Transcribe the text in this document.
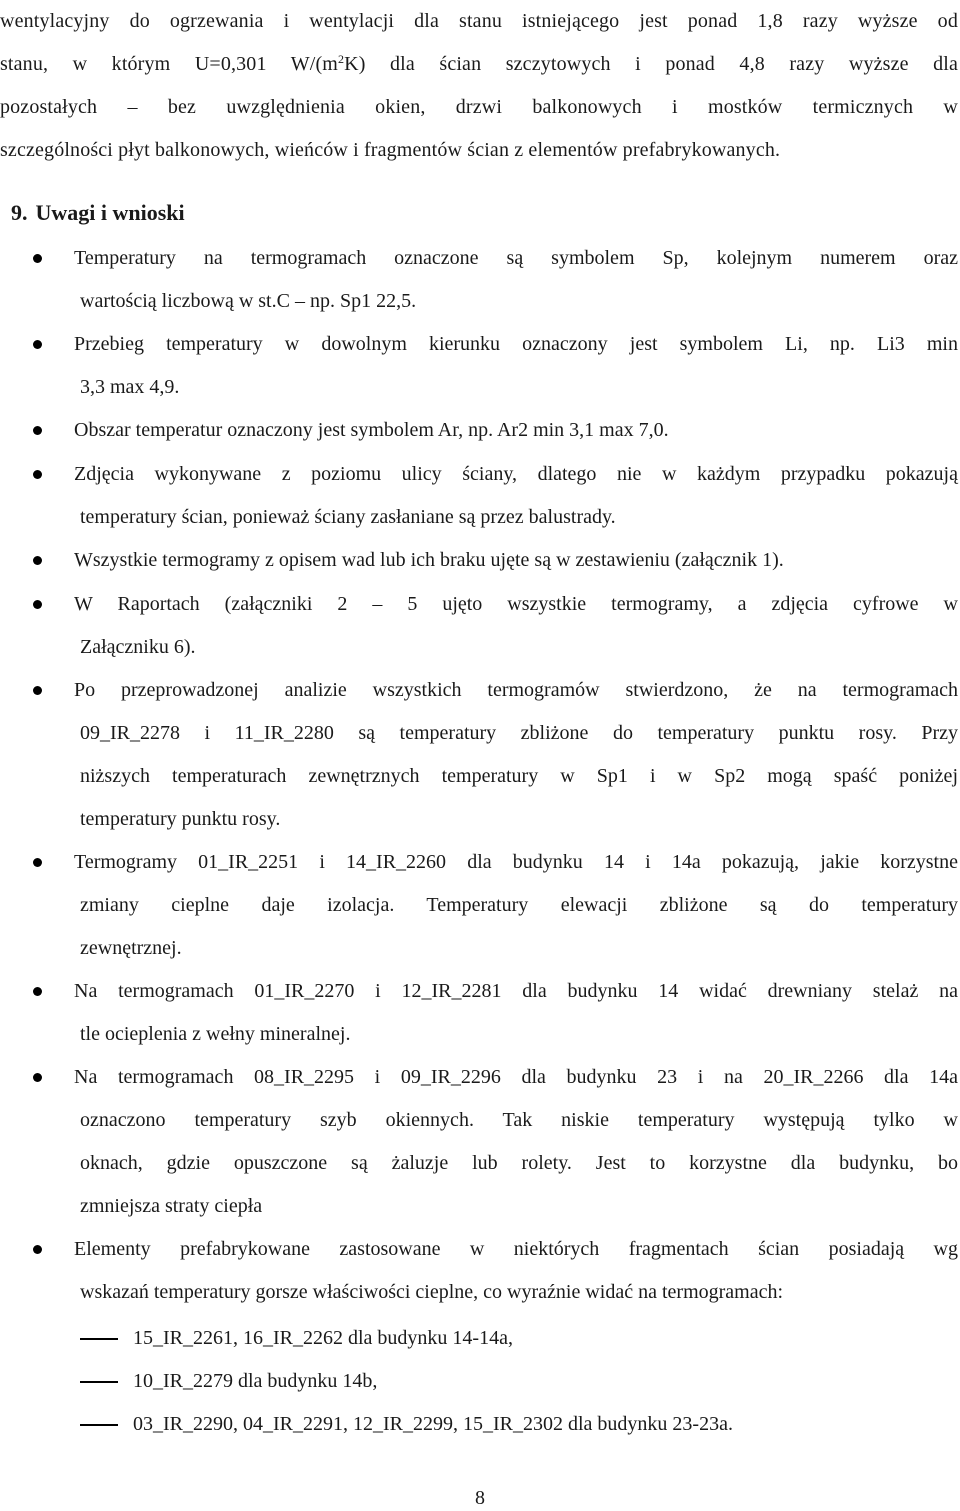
wentylacyjny do ogrzewania i wentylacji dla stanu istniejącego jest ponad 1,8 razy wyższe od
stanu, w którym U=0,301 $W/(m^2K)$ dla ścian szczytowych i ponad 4,8 razy wyższe dla
pozostałych – bez uwzględnienia okien, drzwi balkonowych i mostków termicznych w
szczególności płyt balkonowych, wieńców i fragmentów ścian z elementów prefabrykowanych.
9. Uwagi i wnioski
Temperatury na termogramach oznaczone są symbolem Sp, kolejnym numerem oraz
wartością liczbową w st.C – np. Sp1 22,5.
Przebieg temperatury w dowolnym kierunku oznaczony jest symbolem Li, np. Li3 min
3,3 max 4,9.
Obszar temperatur oznaczony jest symbolem Ar, np. Ar2 min 3,1 max 7,0.
Zdjęcia wykonywane z poziomu ulicy ściany, dlatego nie w każdym przypadku pokazują
temperatury ścian, ponieważ ściany zasłaniane są przez balustrady.
Wszystkie termogramy z opisem wad lub ich braku ujęte są w zestawieniu (załącznik 1).
W Raportach (załączniki 2 – 5 ujęto wszystkie termogramy, a zdjęcia cyfrowe w
Załączniku 6).
Po przeprowadzonej analizie wszystkich termogramów stwierdzono, że na termogramach
09_IR_2278 i 11_IR_2280 są temperatury zbliżone do temperatury punktu rosy. Przy
niższych temperaturach zewnętrznych temperatury w Sp1 i w Sp2 mogą spaść poniżej
temperatury punktu rosy.
Termogramy 01_IR_2251 i 14_IR_2260 dla budynku 14 i 14a pokazują, jakie korzystne
zmiany cieplne daje izolacja. Temperatury elewacji zbliżone są do temperatury
zewnętrznej.
Na termogramach 01_IR_2270 i 12_IR_2281 dla budynku 14 widać drewniany stelaż na
tle ocieplenia z wełny mineralnej.
Na termogramach 08_IR_2295 i 09_IR_2296 dla budynku 23 i na 20_IR_2266 dla 14a
oznaczono temperatury szyb okiennych. Tak niskie temperatury występują tylko w
oknach, gdzie opuszczone są żaluzje lub rolety. Jest to korzystne dla budynku, bo
zmniejsza straty ciepła
Elementy prefabrykowane zastosowane w niektórych fragmentach ścian posiadają wg
wskazań temperatury gorsze właściwości cieplne, co wyraźnie widać na termogramach:
15_IR_2261, 16_IR_2262 dla budynku 14-14a,
10_IR_2279 dla budynku 14b,
03_IR_2290, 04_IR_2291, 12_IR_2299, 15_IR_2302 dla budynku 23-23a.
8
